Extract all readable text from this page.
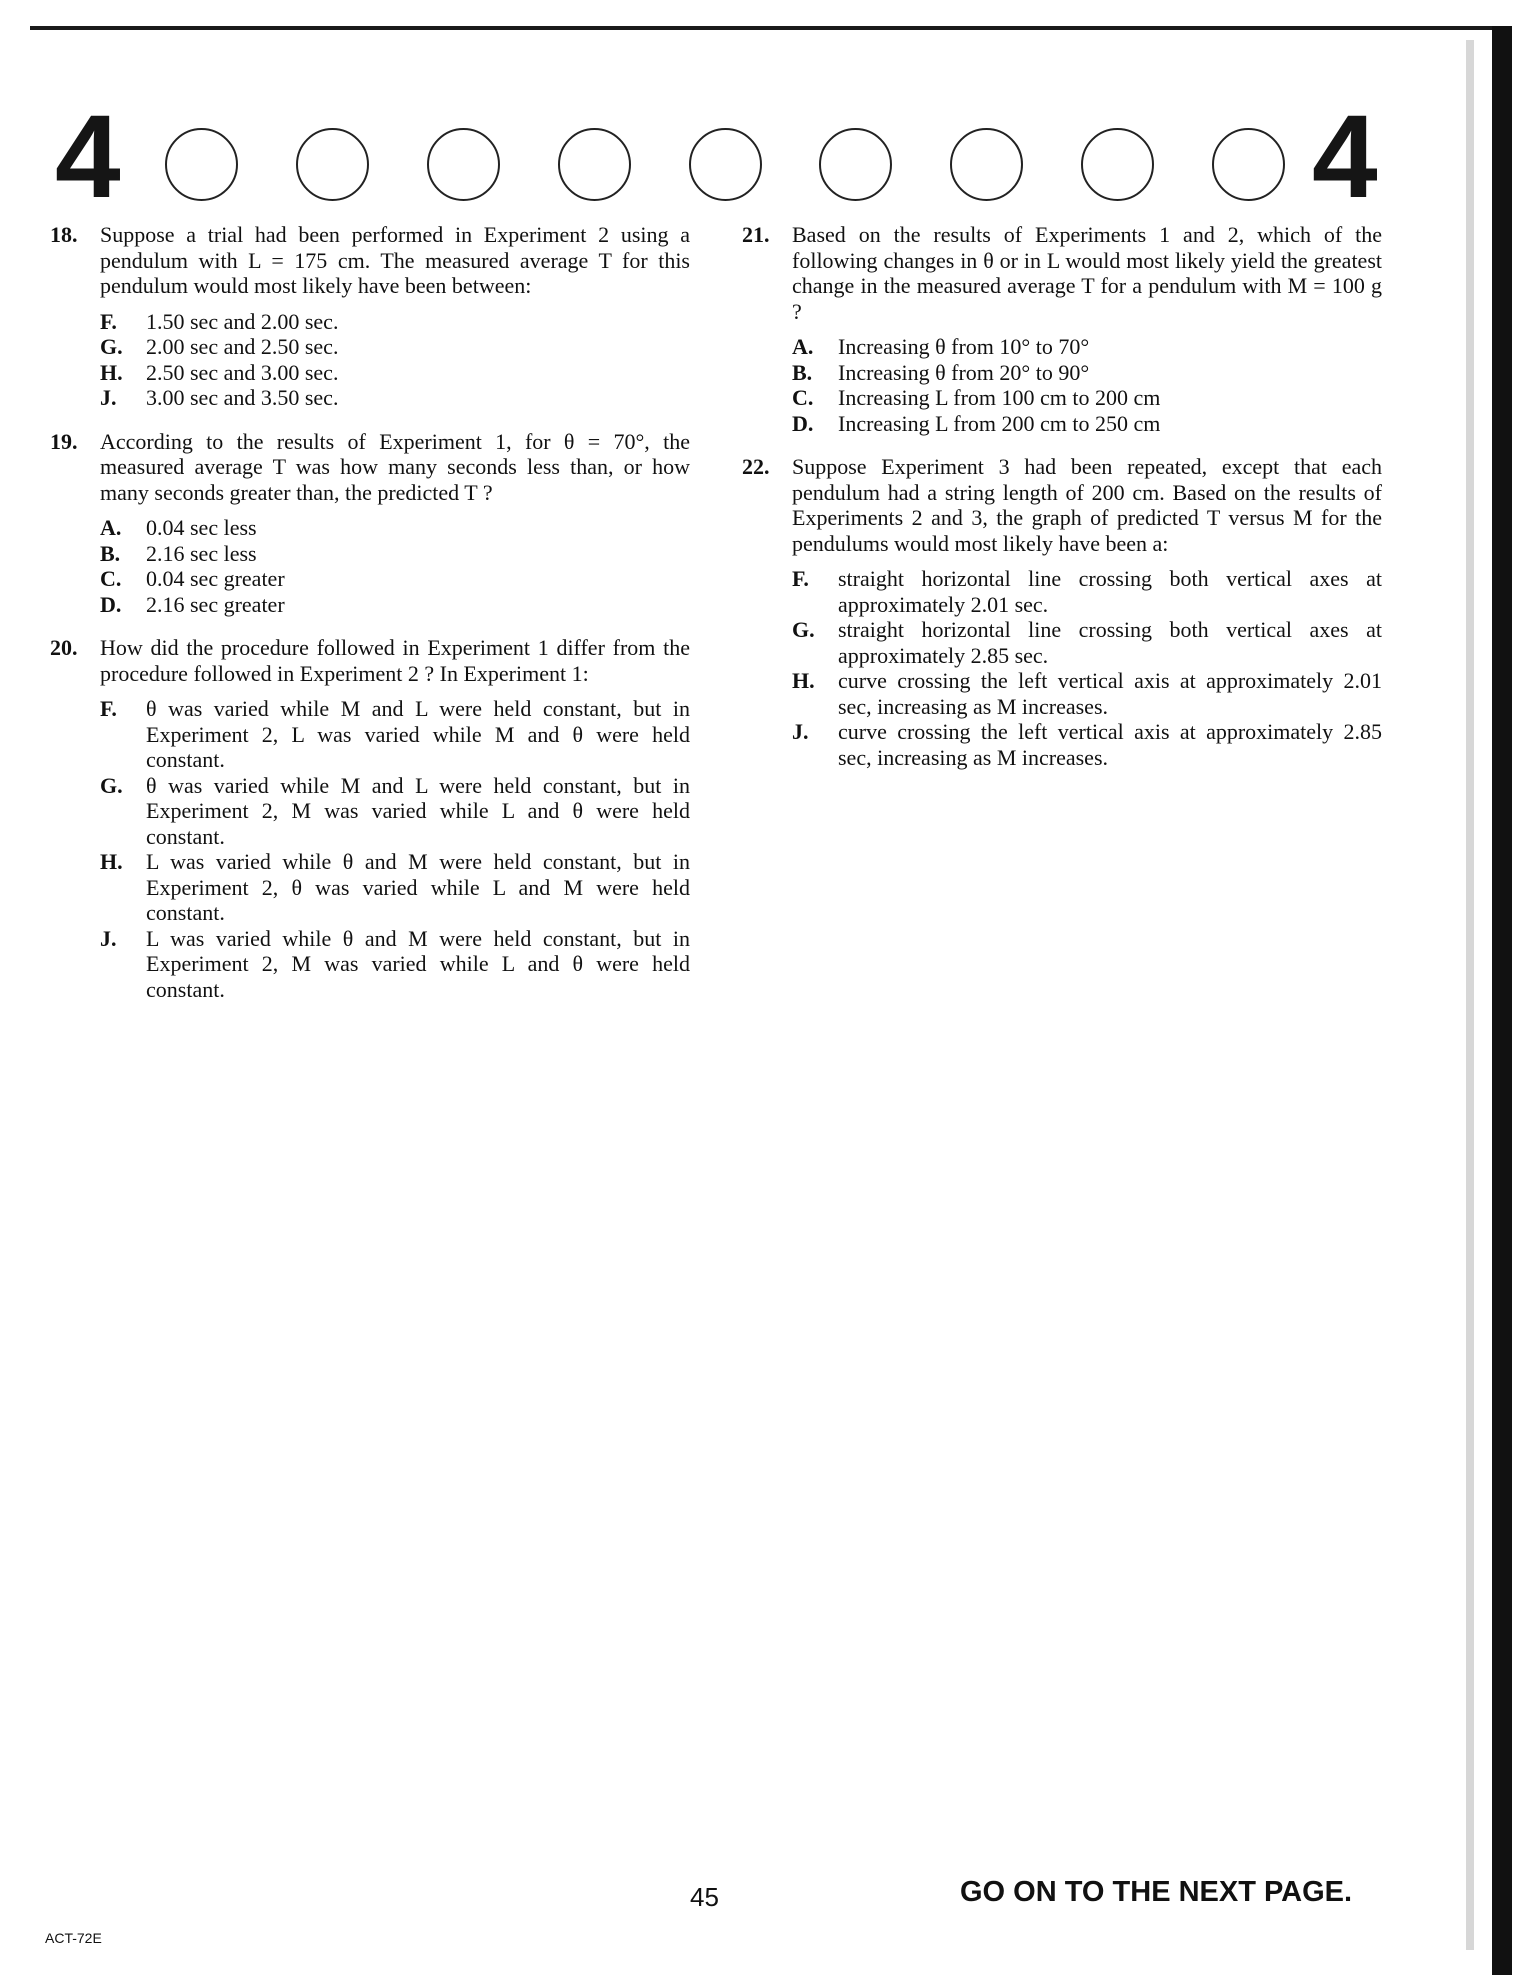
4	4
18. Suppose a trial had been performed in Experiment 2 using a pendulum with L = 175 cm. The measured average T for this pendulum would most likely have been between:
F. 1.50 sec and 2.00 sec.
G. 2.00 sec and 2.50 sec.
H. 2.50 sec and 3.00 sec.
J. 3.00 sec and 3.50 sec.
19. According to the results of Experiment 1, for θ = 70°, the measured average T was how many seconds less than, or how many seconds greater than, the predicted T ?
A. 0.04 sec less
B. 2.16 sec less
C. 0.04 sec greater
D. 2.16 sec greater
20. How did the procedure followed in Experiment 1 differ from the procedure followed in Experiment 2 ? In Experiment 1:
F. θ was varied while M and L were held constant, but in Experiment 2, L was varied while M and θ were held constant.
G. θ was varied while M and L were held constant, but in Experiment 2, M was varied while L and θ were held constant.
H. L was varied while θ and M were held constant, but in Experiment 2, θ was varied while L and M were held constant.
J. L was varied while θ and M were held constant, but in Experiment 2, M was varied while L and θ were held constant.
21. Based on the results of Experiments 1 and 2, which of the following changes in θ or in L would most likely yield the greatest change in the measured average T for a pendulum with M = 100 g ?
A. Increasing θ from 10° to 70°
B. Increasing θ from 20° to 90°
C. Increasing L from 100 cm to 200 cm
D. Increasing L from 200 cm to 250 cm
22. Suppose Experiment 3 had been repeated, except that each pendulum had a string length of 200 cm. Based on the results of Experiments 2 and 3, the graph of predicted T versus M for the pendulums would most likely have been a:
F. straight horizontal line crossing both vertical axes at approximately 2.01 sec.
G. straight horizontal line crossing both vertical axes at approximately 2.85 sec.
H. curve crossing the left vertical axis at approximately 2.01 sec, increasing as M increases.
J. curve crossing the left vertical axis at approximately 2.85 sec, increasing as M increases.
ACT-72E
45	GO ON TO THE NEXT PAGE.
